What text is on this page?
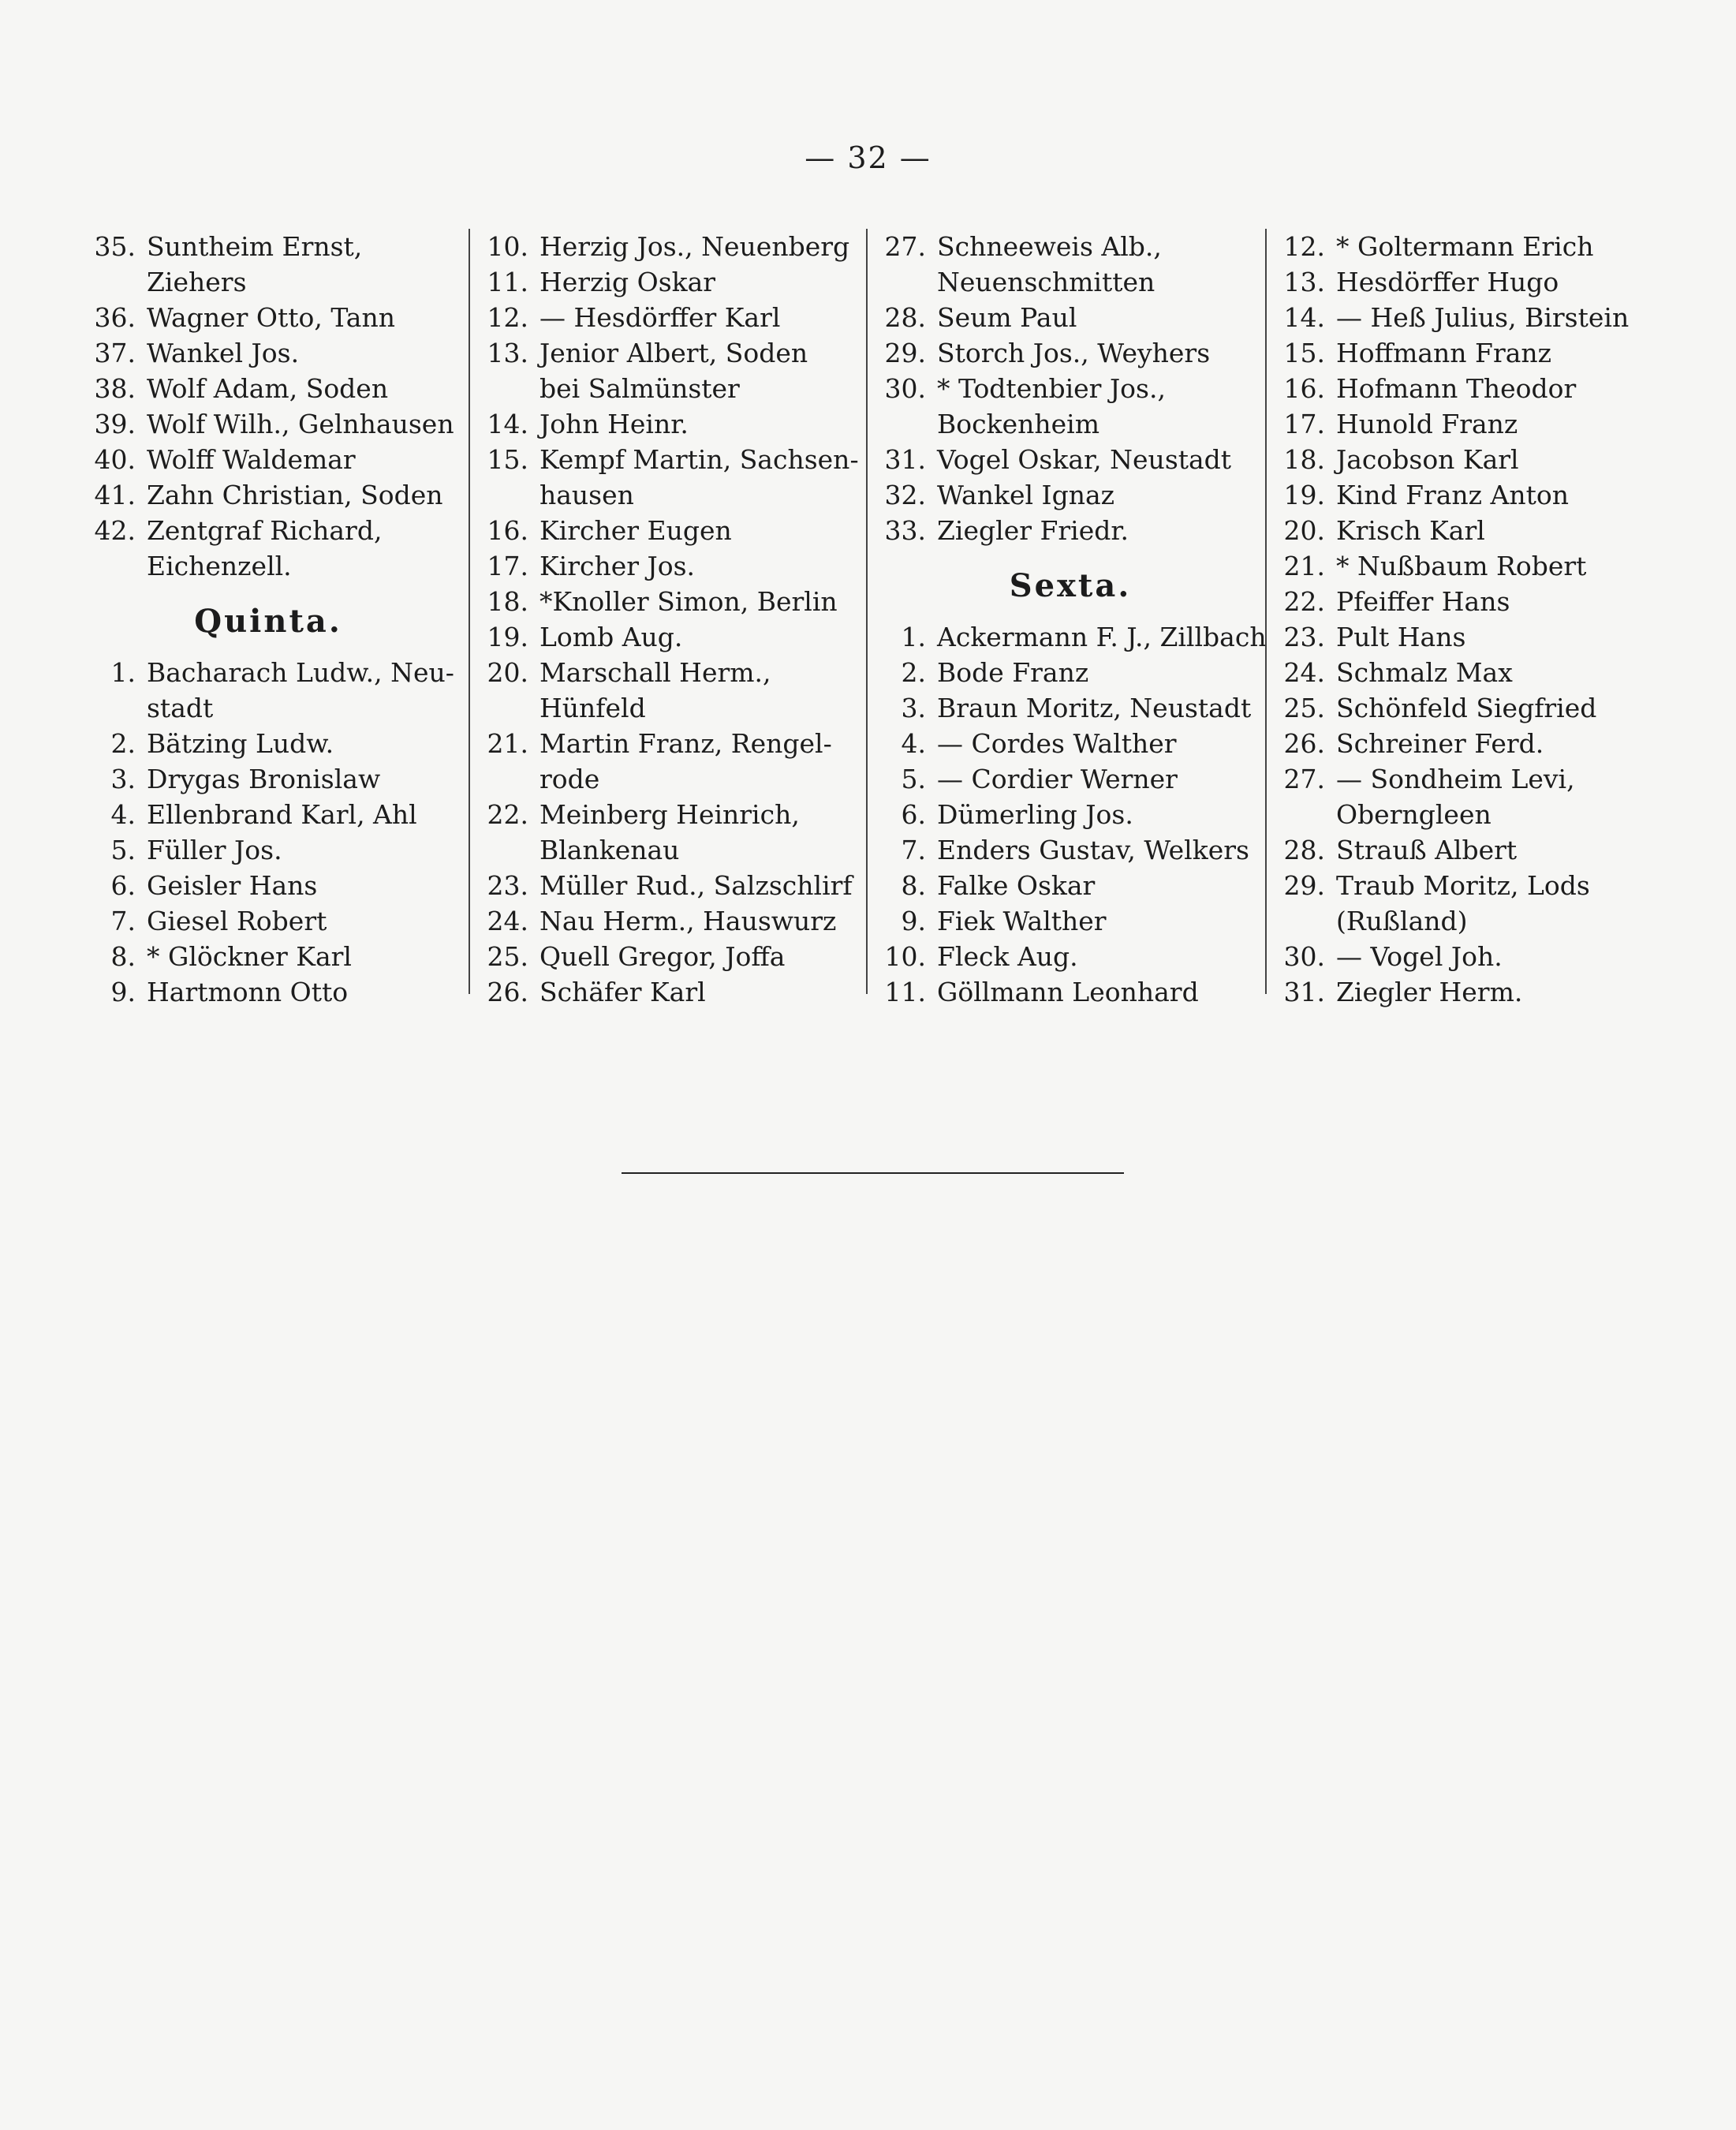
— 32 —
35. Suntheim Ernst,
Ziehers
36. Wagner Otto, Tann
37. Wankel Jos.
38. Wolf Adam, Soden
39. Wolf Wilh., Gelnhausen
40. Wolff Waldemar
41. Zahn Christian, Soden
42. Zentgraf Richard,
Eichenzell.
Quinta.
1. Bacharach Ludw., Neu-
stadt
2. Bätzing Ludw.
3. Drygas Bronislaw
4. Ellenbrand Karl, Ahl
5. Füller Jos.
6. Geisler Hans
7. Giesel Robert
8. * Glöckner Karl
9. Hartmonn Otto
10. Herzig Jos., Neuenberg
11. Herzig Oskar
12. — Hesdörffer Karl
13. Jenior Albert, Soden
bei Salmünster
14. John Heinr.
15. Kempf Martin, Sachsen-
hausen
16. Kircher Eugen
17. Kircher Jos.
18. *Knoller Simon, Berlin
19. Lomb Aug.
20. Marschall Herm.,
Hünfeld
21. Martin Franz, Rengel-
rode
22. Meinberg Heinrich,
Blankenau
23. Müller Rud., Salzschlirf
24. Nau Herm., Hauswurz
25. Quell Gregor, Joffa
26. Schäfer Karl
27. Schneeweis Alb.,
Neuenschmitten
28. Seum Paul
29. Storch Jos., Weyhers
30. * Todtenbier Jos.,
Bockenheim
31. Vogel Oskar, Neustadt
32. Wankel Ignaz
33. Ziegler Friedr.
Sexta.
1. Ackermann F. J., Zillbach
2. Bode Franz
3. Braun Moritz, Neustadt
4. — Cordes Walther
5. — Cordier Werner
6. Dümerling Jos.
7. Enders Gustav, Welkers
8. Falke Oskar
9. Fiek Walther
10. Fleck Aug.
11. Göllmann Leonhard
12. * Goltermann Erich
13. Hesdörffer Hugo
14. — Heß Julius, Birstein
15. Hoffmann Franz
16. Hofmann Theodor
17. Hunold Franz
18. Jacobson Karl
19. Kind Franz Anton
20. Krisch Karl
21. * Nußbaum Robert
22. Pfeiffer Hans
23. Pult Hans
24. Schmalz Max
25. Schönfeld Siegfried
26. Schreiner Ferd.
27. — Sondheim Levi,
Oberngleen
28. Strauß Albert
29. Traub Moritz, Lods
(Rußland)
30. — Vogel Joh.
31. Ziegler Herm.
